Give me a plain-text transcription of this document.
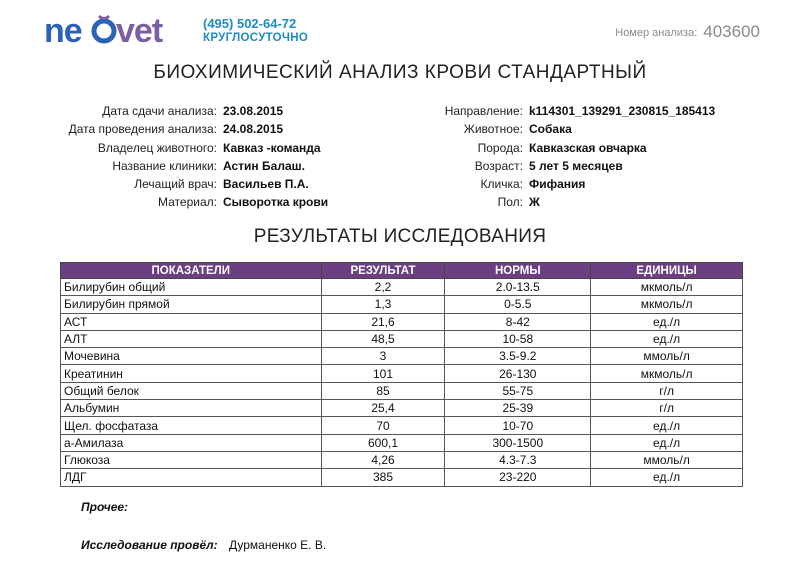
ne vet	(495) 502-64-72
КРУГЛОСУТОЧНО	Номер анализа: 403600
БИОХИМИЧЕСКИЙ АНАЛИЗ КРОВИ СТАНДАРТНЫЙ
Дата сдачи анализа: 23.08.2015
Дата проведения анализа: 24.08.2015
Владелец животного: Кавказ -команда
Название клиники: Астин Балаш.
Лечащий врач: Васильев П.А.
Материал: Сыворотка крови
Направление: k114301_139291_230815_185413
Животное: Собака
Порода: Кавказская овчарка
Возраст: 5 лет 5 месяцев
Кличка: Фифания
Пол: Ж
РЕЗУЛЬТАТЫ ИССЛЕДОВАНИЯ
ПОКАЗАТЕЛИ	РЕЗУЛЬТАТ	НОРМЫ	ЕДИНИЦЫ
Билирубин общий	2,2	2.0-13.5	мкмоль/л
Билирубин прямой	1,3	0-5.5	мкмоль/л
АСТ	21,6	8-42	ед./л
АЛТ	48,5	10-58	ед./л
Мочевина	3	3.5-9.2	ммоль/л
Креатинин	101	26-130	мкмоль/л
Общий белок	85	55-75	г/л
Альбумин	25,4	25-39	г/л
Щел. фосфатаза	70	10-70	ед./л
а-Амилаза	600,1	300-1500	ед./л
Глюкоза	4,26	4.3-7.3	ммоль/л
ЛДГ	385	23-220	ед./л
Прочее:
Исследование провёл: Дурманенко Е. В.
